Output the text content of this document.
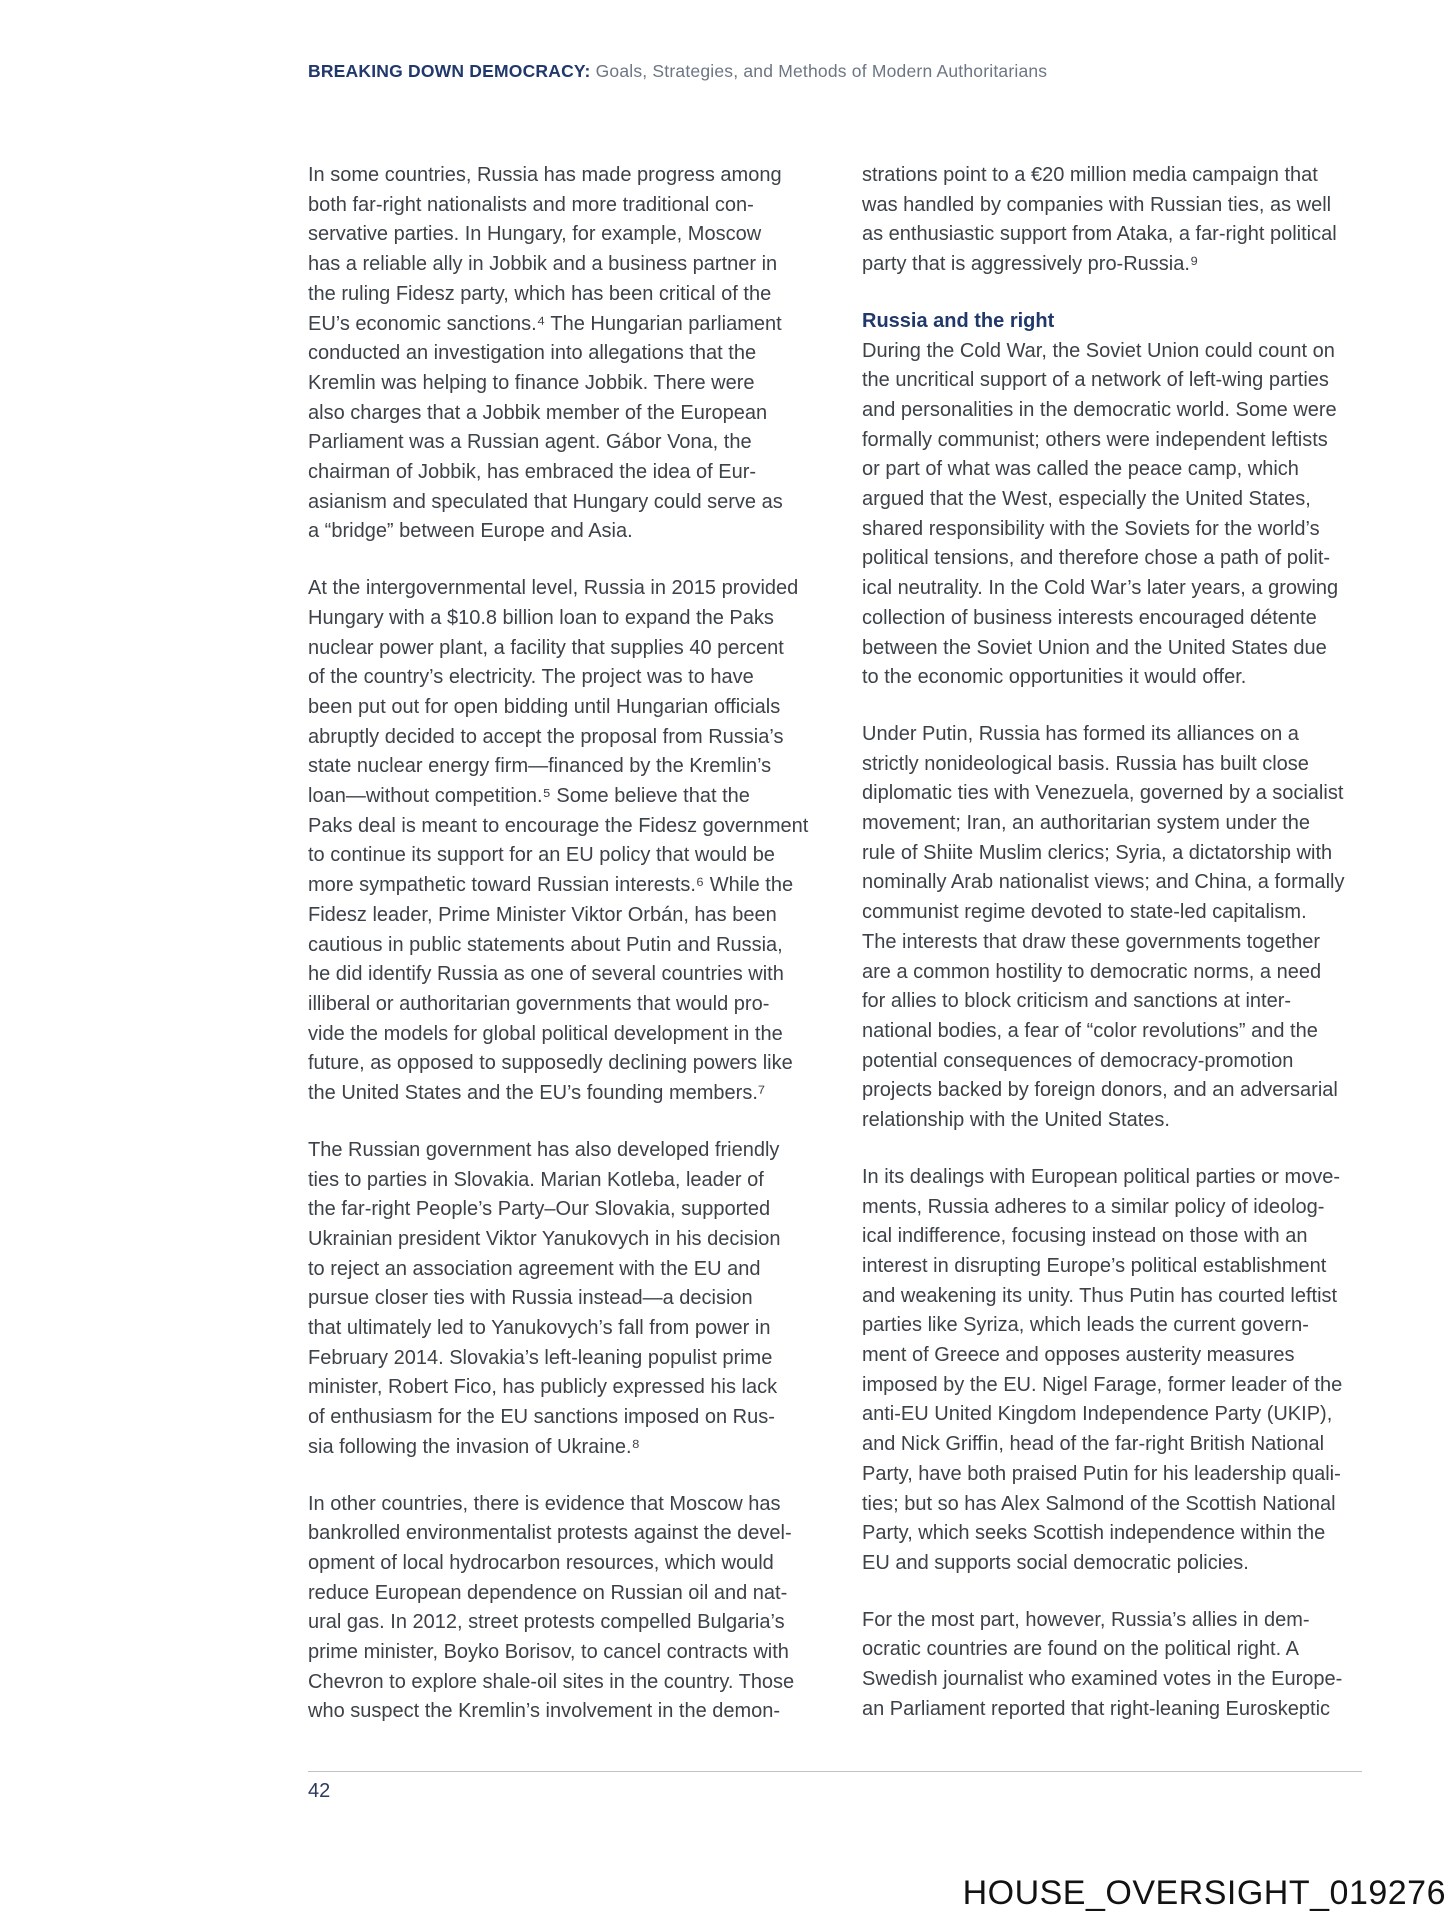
BREAKING DOWN DEMOCRACY: Goals, Strategies, and Methods of Modern Authoritarians
In some countries, Russia has made progress among
both far-right nationalists and more traditional con-
servative parties. In Hungary, for example, Moscow
has a reliable ally in Jobbik and a business partner in
the ruling Fidesz party, which has been critical of the
EU’s economic sanctions.⁴ The Hungarian parliament
conducted an investigation into allegations that the
Kremlin was helping to finance Jobbik. There were
also charges that a Jobbik member of the European
Parliament was a Russian agent. Gábor Vona, the
chairman of Jobbik, has embraced the idea of Eur-
asianism and speculated that Hungary could serve as
a “bridge” between Europe and Asia.
At the intergovernmental level, Russia in 2015 provided
Hungary with a $10.8 billion loan to expand the Paks
nuclear power plant, a facility that supplies 40 percent
of the country’s electricity. The project was to have
been put out for open bidding until Hungarian officials
abruptly decided to accept the proposal from Russia’s
state nuclear energy firm—financed by the Kremlin’s
loan—without competition.⁵ Some believe that the
Paks deal is meant to encourage the Fidesz government
to continue its support for an EU policy that would be
more sympathetic toward Russian interests.⁶ While the
Fidesz leader, Prime Minister Viktor Orbán, has been
cautious in public statements about Putin and Russia,
he did identify Russia as one of several countries with
illiberal or authoritarian governments that would pro-
vide the models for global political development in the
future, as opposed to supposedly declining powers like
the United States and the EU’s founding members.⁷
The Russian government has also developed friendly
ties to parties in Slovakia. Marian Kotleba, leader of
the far-right People’s Party–Our Slovakia, supported
Ukrainian president Viktor Yanukovych in his decision
to reject an association agreement with the EU and
pursue closer ties with Russia instead—a decision
that ultimately led to Yanukovych’s fall from power in
February 2014. Slovakia’s left-leaning populist prime
minister, Robert Fico, has publicly expressed his lack
of enthusiasm for the EU sanctions imposed on Rus-
sia following the invasion of Ukraine.⁸
In other countries, there is evidence that Moscow has
bankrolled environmentalist protests against the devel-
opment of local hydrocarbon resources, which would
reduce European dependence on Russian oil and nat-
ural gas. In 2012, street protests compelled Bulgaria’s
prime minister, Boyko Borisov, to cancel contracts with
Chevron to explore shale-oil sites in the country. Those
who suspect the Kremlin’s involvement in the demon-
strations point to a €20 million media campaign that
was handled by companies with Russian ties, as well
as enthusiastic support from Ataka, a far-right political
party that is aggressively pro-Russia.⁹
Russia and the right
During the Cold War, the Soviet Union could count on
the uncritical support of a network of left-wing parties
and personalities in the democratic world. Some were
formally communist; others were independent leftists
or part of what was called the peace camp, which
argued that the West, especially the United States,
shared responsibility with the Soviets for the world’s
political tensions, and therefore chose a path of polit-
ical neutrality. In the Cold War’s later years, a growing
collection of business interests encouraged détente
between the Soviet Union and the United States due
to the economic opportunities it would offer.
Under Putin, Russia has formed its alliances on a
strictly nonideological basis. Russia has built close
diplomatic ties with Venezuela, governed by a socialist
movement; Iran, an authoritarian system under the
rule of Shiite Muslim clerics; Syria, a dictatorship with
nominally Arab nationalist views; and China, a formally
communist regime devoted to state-led capitalism.
The interests that draw these governments together
are a common hostility to democratic norms, a need
for allies to block criticism and sanctions at inter-
national bodies, a fear of “color revolutions” and the
potential consequences of democracy-promotion
projects backed by foreign donors, and an adversarial
relationship with the United States.
In its dealings with European political parties or move-
ments, Russia adheres to a similar policy of ideolog-
ical indifference, focusing instead on those with an
interest in disrupting Europe’s political establishment
and weakening its unity. Thus Putin has courted leftist
parties like Syriza, which leads the current govern-
ment of Greece and opposes austerity measures
imposed by the EU. Nigel Farage, former leader of the
anti-EU United Kingdom Independence Party (UKIP),
and Nick Griffin, head of the far-right British National
Party, have both praised Putin for his leadership quali-
ties; but so has Alex Salmond of the Scottish National
Party, which seeks Scottish independence within the
EU and supports social democratic policies.
For the most part, however, Russia’s allies in dem-
ocratic countries are found on the political right. A
Swedish journalist who examined votes in the Europe-
an Parliament reported that right-leaning Euroskeptic
42
HOUSE_OVERSIGHT_019276
